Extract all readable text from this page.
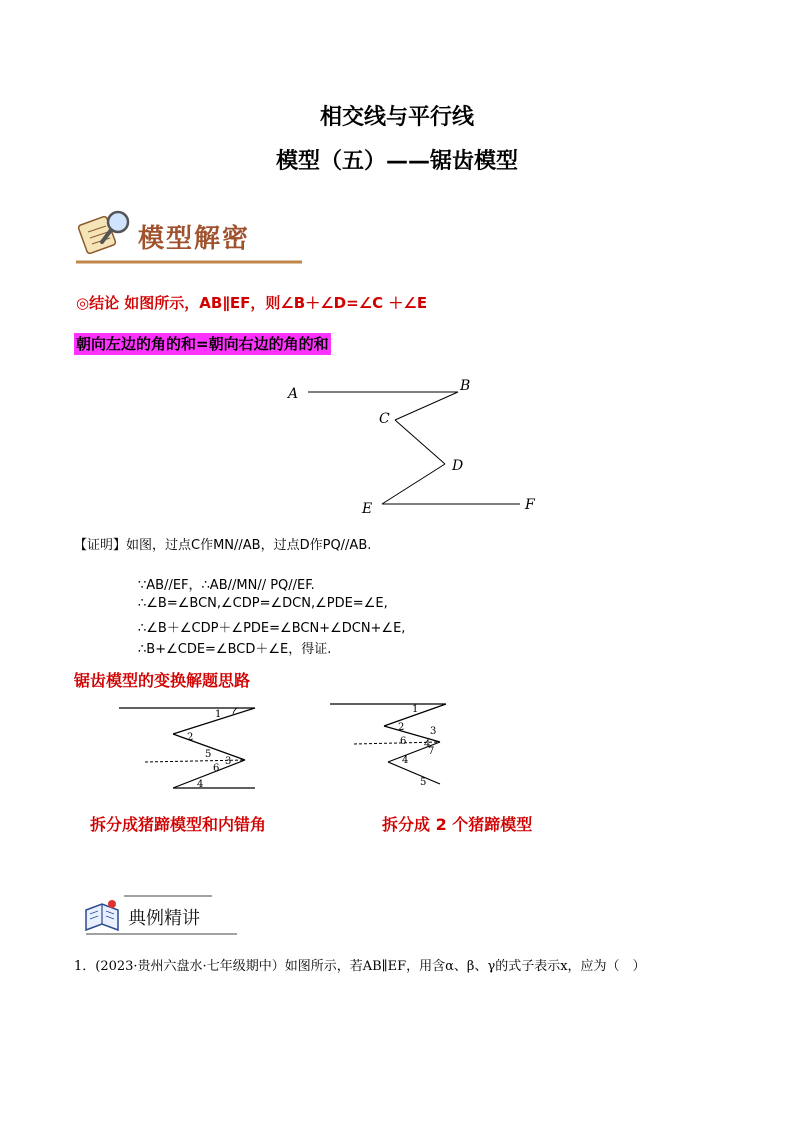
相交线与平行线
模型（五）——锯齿模型
模型解密
◎结论 如图所示，AB∥EF，则∠B＋∠D=∠C ＋∠E
朝向左边的角的和=朝向右边的角的和
A	B
C
D
E	F
【证明】如图，过点C作MN//AB，过点D作PQ//AB.
∵AB//EF，∴AB//MN// PQ//EF.
∴∠B=∠BCN,∠CDP=∠DCN,∠PDE=∠E,
∴∠B＋∠CDP＋∠PDE=∠BCN+∠DCN+∠E,
∴B+∠CDE=∠BCD＋∠E，得证.
锯齿模型的变换解题思路
1
2
5
3
6
4
1
2	3
6 4
7
4
5
拆分成猪蹄模型和内错角	拆分成 2 个猪蹄模型
典例精讲
1．(2023·贵州六盘水·七年级期中）如图所示，若AB∥EF，用含α、β、γ的式子表示x，应为（　）
